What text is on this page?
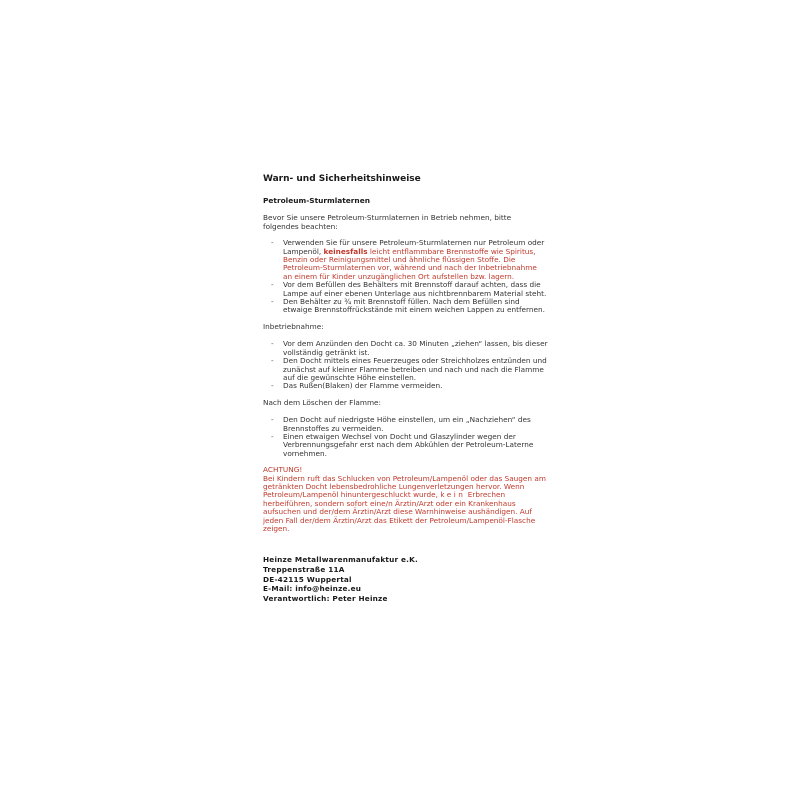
Warn- und Sicherheitshinweise
Petroleum-Sturmlaternen

Bevor Sie unsere Petroleum-Sturmlaternen in Betrieb nehmen, bitte folgendes beachten:

- Verwenden Sie für unsere Petroleum-Sturmlaternen nur Petroleum oder Lampenöl, keinesfalls leicht entflammbare Brennstoffe wie Spiritus, Benzin oder Reinigungsmittel und ähnliche flüssigen Stoffe. Die Petroleum-Sturmlaternen vor, während und nach der Inbetriebnahme an einem für Kinder unzugänglichen Ort aufstellen bzw. lagern.
- Vor dem Befüllen des Behälters mit Brennstoff darauf achten, dass die Lampe auf einer ebenen Unterlage aus nichtbrennbarem Material steht.
- Den Behälter zu ¾ mit Brennstoff füllen. Nach dem Befüllen sind etwaige Brennstoffrückstände mit einem weichen Lappen zu entfernen.

Inbetriebnahme:

- Vor dem Anzünden den Docht ca. 30 Minuten „ziehen“ lassen, bis dieser vollständig getränkt ist.
- Den Docht mittels eines Feuerzeuges oder Streichholzes entzünden und zunächst auf kleiner Flamme betreiben und nach und nach die Flamme auf die gewünschte Höhe einstellen.
- Das Rußen(Blaken) der Flamme vermeiden.

Nach dem Löschen der Flamme:

- Den Docht auf niedrigste Höhe einstellen, um ein „Nachziehen“ des Brennstoffes zu vermeiden.
- Einen etwaigen Wechsel von Docht und Glaszylinder wegen der Verbrennungsgefahr erst nach dem Abkühlen der Petroleum-Laterne vornehmen.
ACHTUNG!
Bei Kindern ruft das Schlucken von Petroleum/Lampenöl oder das Saugen am getränkten Docht lebensbedrohliche Lungenverletzungen hervor. Wenn Petroleum/Lampenöl hinuntergeschluckt wurde, kein Erbrechen herbeiführen, sondern sofort eine/n Ärztin/Arzt oder ein Krankenhaus aufsuchen und der/dem Ärztin/Arzt diese Warnhinweise aushändigen. Auf jeden Fall der/dem Ärztin/Arzt das Etikett der Petroleum/Lampenöl-Flasche zeigen.
Heinze Metallwarenmanufaktur e.K.
Treppenstraße 11A
DE-42115 Wuppertal
E-Mail: info@heinze.eu
Verantwortlich: Peter Heinze
